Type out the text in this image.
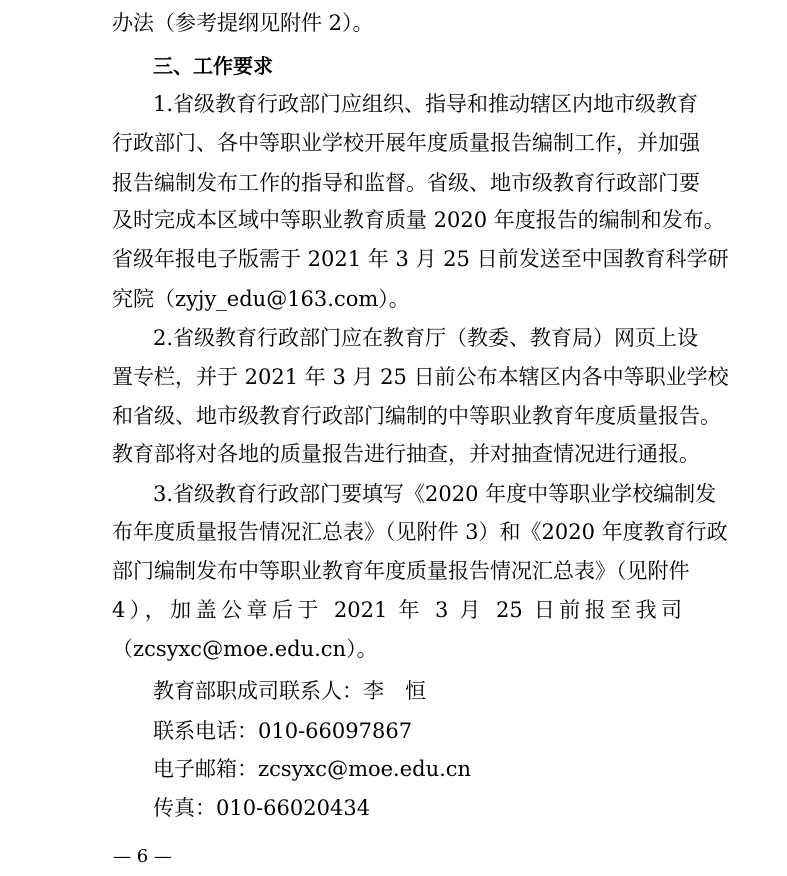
办法（参考提纲见附件 2）。
三、工作要求
1.省级教育行政部门应组织、指导和推动辖区内地市级教育
行政部门、各中等职业学校开展年度质量报告编制工作，并加强
报告编制发布工作的指导和监督。省级、地市级教育行政部门要
及时完成本区域中等职业教育质量 2020 年度报告的编制和发布。
省级年报电子版需于 2021 年 3 月 25 日前发送至中国教育科学研
究院（zyjy_edu@163.com）。
2.省级教育行政部门应在教育厅（教委、教育局）网页上设
置专栏，并于 2021 年 3 月 25 日前公布本辖区内各中等职业学校
和省级、地市级教育行政部门编制的中等职业教育年度质量报告。
教育部将对各地的质量报告进行抽查，并对抽查情况进行通报。
3.省级教育行政部门要填写《2020 年度中等职业学校编制发
布年度质量报告情况汇总表》（见附件 3）和《2020 年度教育行政
部门编制发布中等职业教育年度质量报告情况汇总表》（见附件
4），加盖公章后于 2021 年 3 月 25 日前报至我司
（zcsyxc@moe.edu.cn）。
教育部职成司联系人：李　恒
联系电话：010-66097867
电子邮箱：zcsyxc@moe.edu.cn
传真：010-66020434
— 6 —
